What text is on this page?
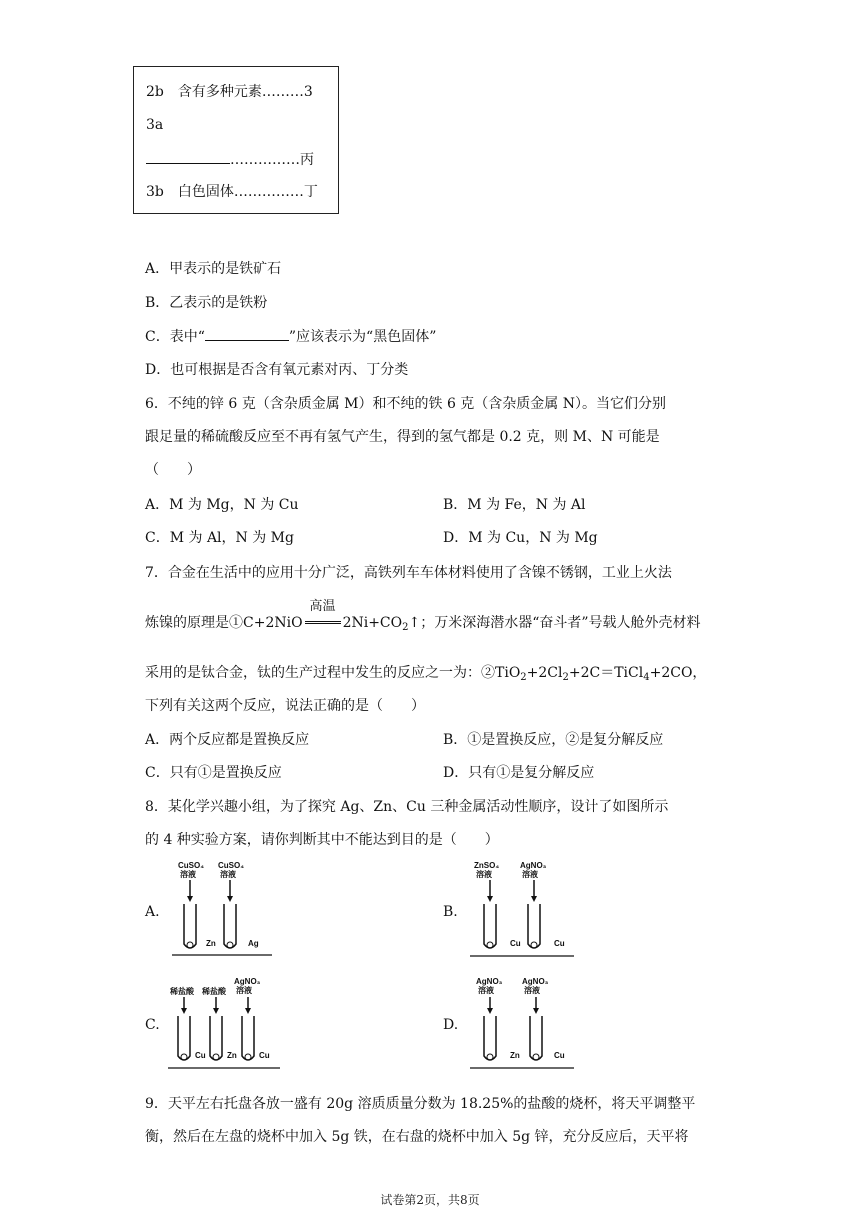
2b　含有多种元素………3
3a
……………丙
3b　白色固体……………丁
A．甲表示的是铁矿石
B．乙表示的是铁粉
C．表中“	”应该表示为“黑色固体”
D．也可根据是否含有氧元素对丙、丁分类
6．不纯的锌 6 克（含杂质金属 M）和不纯的铁 6 克（含杂质金属 N）。当它们分别
跟足量的稀硫酸反应至不再有氢气产生，得到的氢气都是 0.2 克，则 M、N 可能是
（　　）
A．M 为 Mg，N 为 Cu	B．M 为 Fe，N 为 Al
C．M 为 Al，N 为 Mg	D．M 为 Cu，N 为 Mg
7．合金在生活中的应用十分广泛，高铁列车车体材料使用了含镍不锈钢，工业上火法
炼镍的原理是①C+2NiO
高温
$2Ni+CO_2↑$；万米深海潜水器“奋斗者”号载人舱外壳材料
采用的是钛合金，钛的生产过程中发生的反应之一为：$②TiO_2+2Cl_2+2C=TiCl_4+2CO$，
下列有关这两个反应，说法正确的是（　　）
A．两个反应都是置换反应	B．①是置换反应，②是复分解反应
C．只有①是置换反应	D．只有①是复分解反应
8．某化学兴趣小组，为了探究 Ag、Zn、Cu 三种金属活动性顺序，设计了如图所示
的 4 种实验方案，请你判断其中不能达到目的是（　　）
A.	B.
C.	D.
CuSO₄
溶液
CuSO₄
溶液
Zn	Ag
ZnSO₄
溶液
AgNO₃
溶液
Cu	Cu
稀盐酸 稀盐酸
AgNO₃
溶液
Cu	Zn	Cu
AgNO₃
溶液
AgNO₃
溶液
Zn	Cu
9．天平左右托盘各放一盛有 20g 溶质质量分数为 18.25%的盐酸的烧杯，将天平调整平
衡，然后在左盘的烧杯中加入 5g 铁，在右盘的烧杯中加入 5g 锌，充分反应后，天平将
试卷第2页，共8页
